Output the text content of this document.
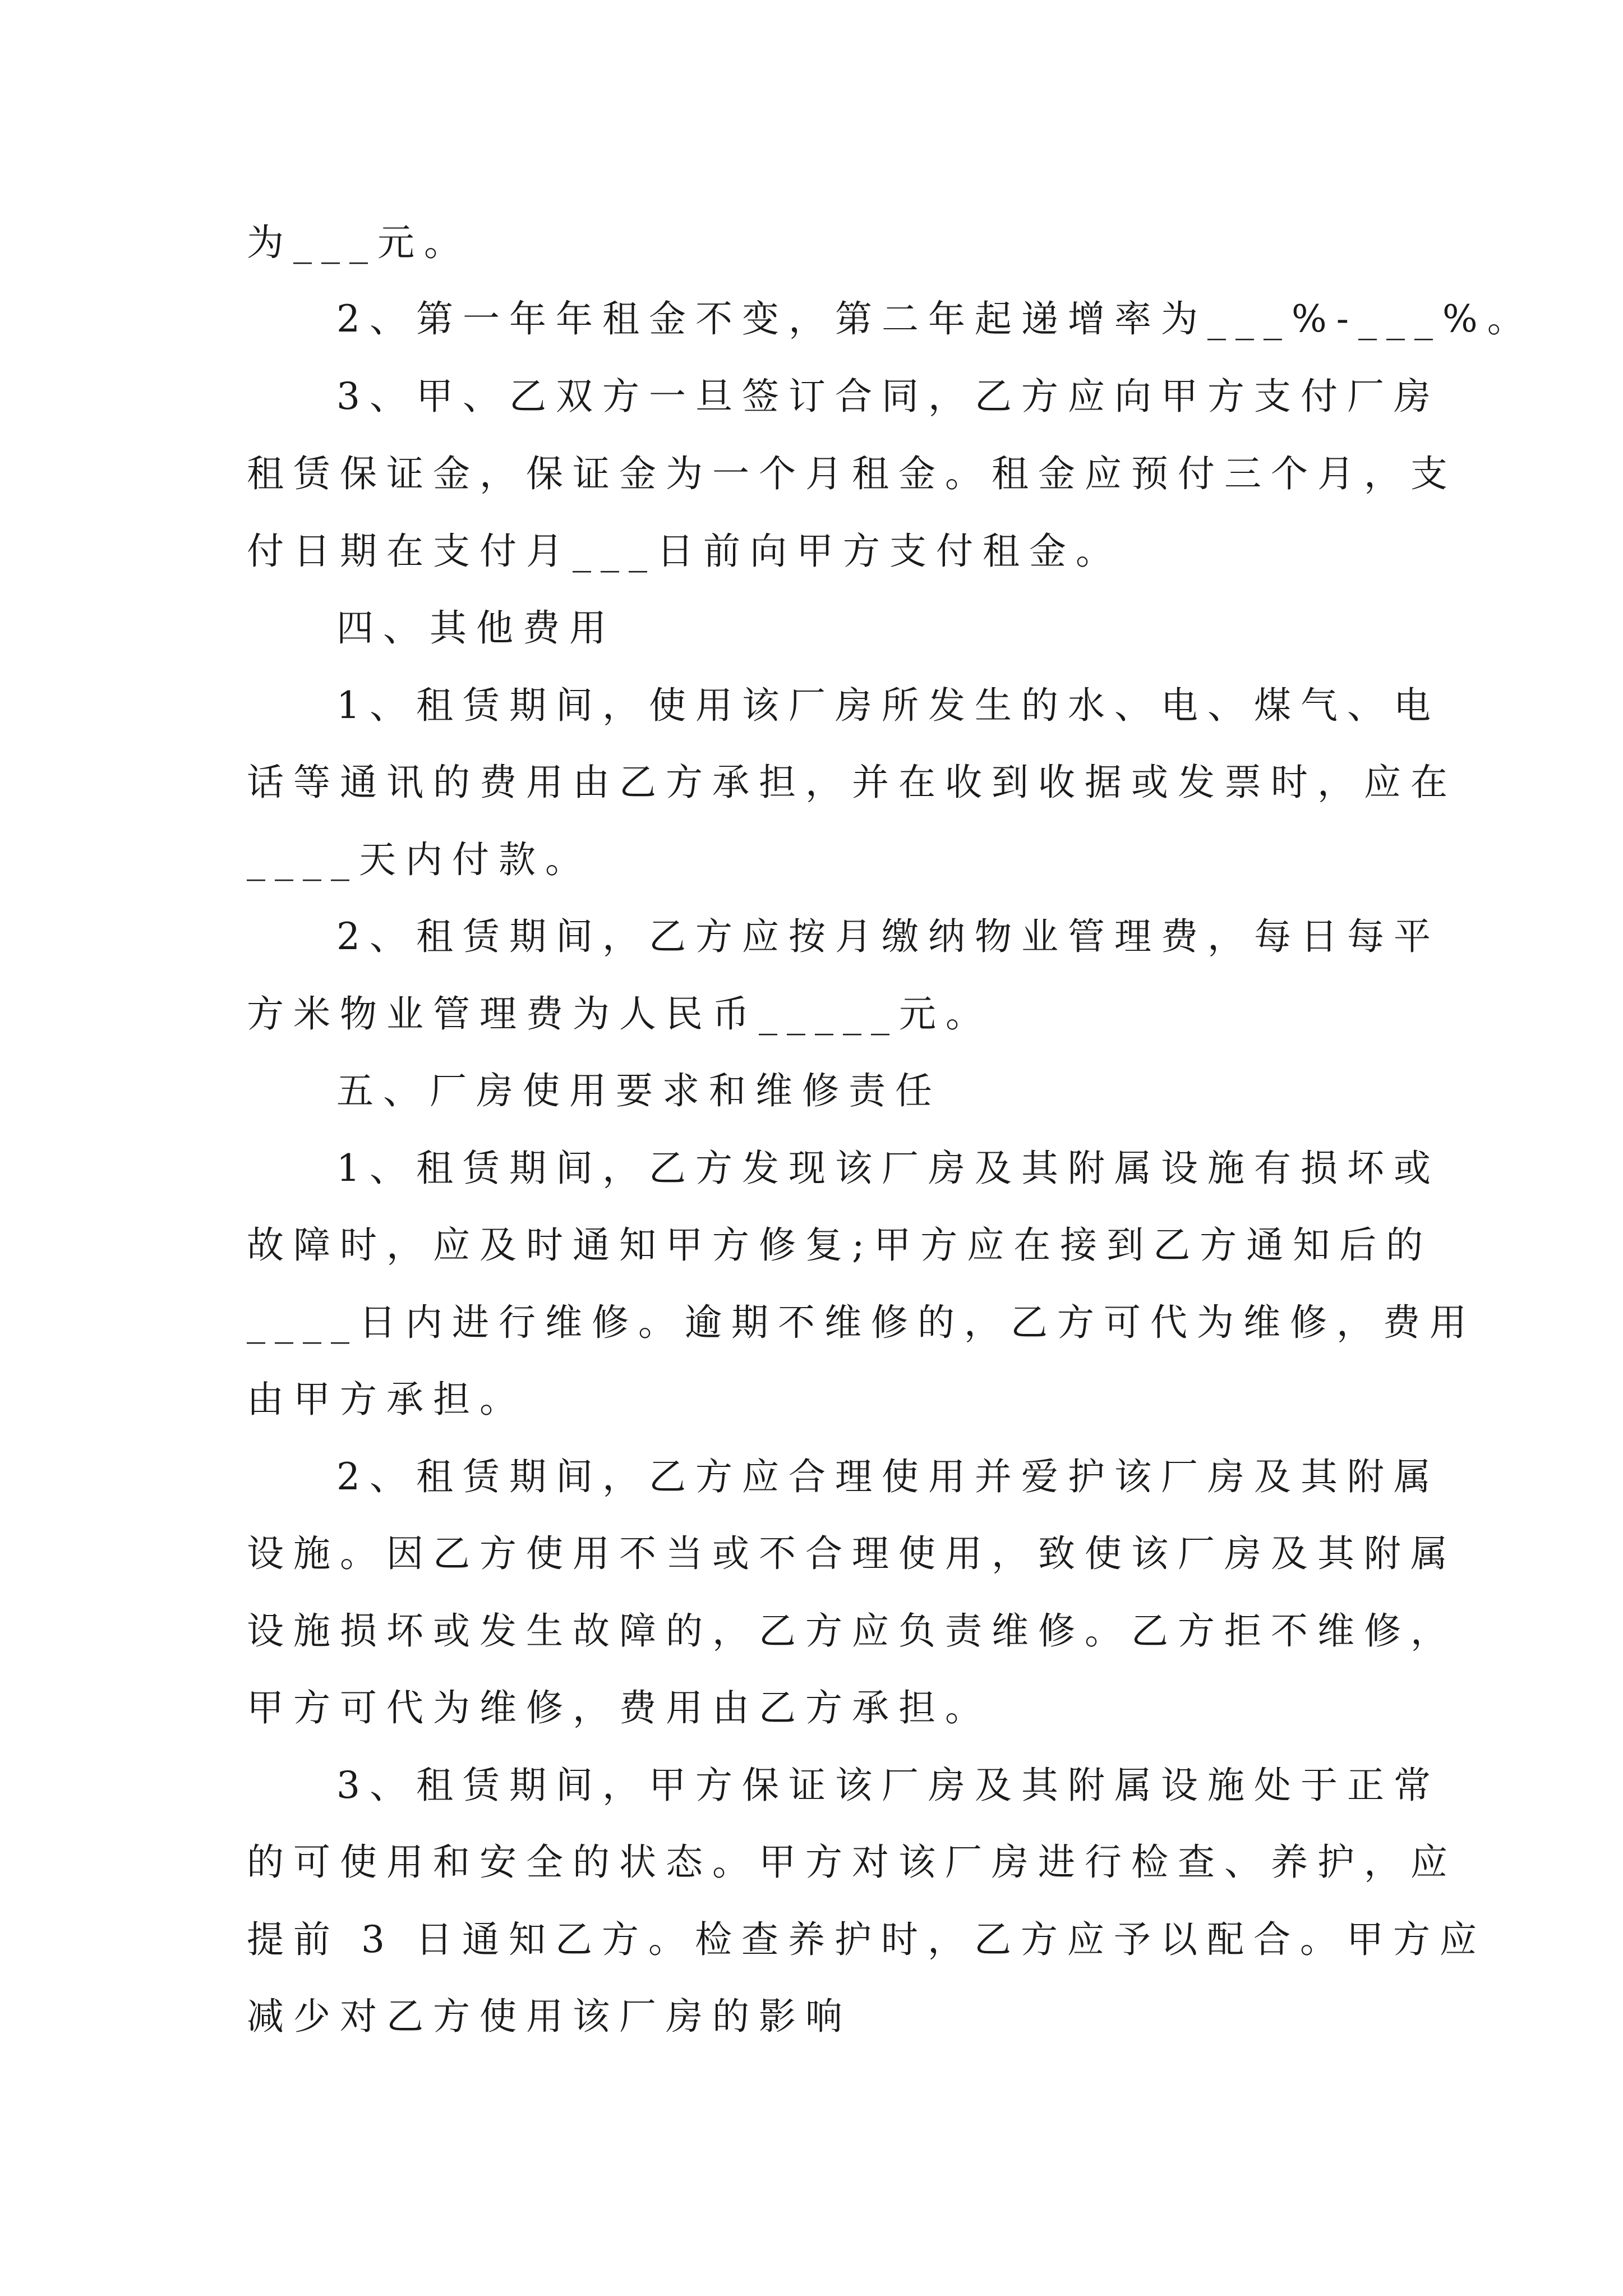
为___元。
2、第一年年租金不变，第二年起递增率为___%-___%。
3、甲、乙双方一旦签订合同，乙方应向甲方支付厂房
租赁保证金，保证金为一个月租金。租金应预付三个月，支
付日期在支付月___日前向甲方支付租金。
四、其他费用
1、租赁期间，使用该厂房所发生的水、电、煤气、电
话等通讯的费用由乙方承担，并在收到收据或发票时，应在
____天内付款。
2、租赁期间，乙方应按月缴纳物业管理费，每日每平
方米物业管理费为人民币_____元。
五、厂房使用要求和维修责任
1、租赁期间，乙方发现该厂房及其附属设施有损坏或
故障时，应及时通知甲方修复;甲方应在接到乙方通知后的
____日内进行维修。逾期不维修的，乙方可代为维修，费用
由甲方承担。
2、租赁期间，乙方应合理使用并爱护该厂房及其附属
设施。因乙方使用不当或不合理使用，致使该厂房及其附属
设施损坏或发生故障的，乙方应负责维修。乙方拒不维修，
甲方可代为维修，费用由乙方承担。
3、租赁期间，甲方保证该厂房及其附属设施处于正常
的可使用和安全的状态。甲方对该厂房进行检查、养护，应
提前 3 日通知乙方。检查养护时，乙方应予以配合。甲方应
减少对乙方使用该厂房的影响
